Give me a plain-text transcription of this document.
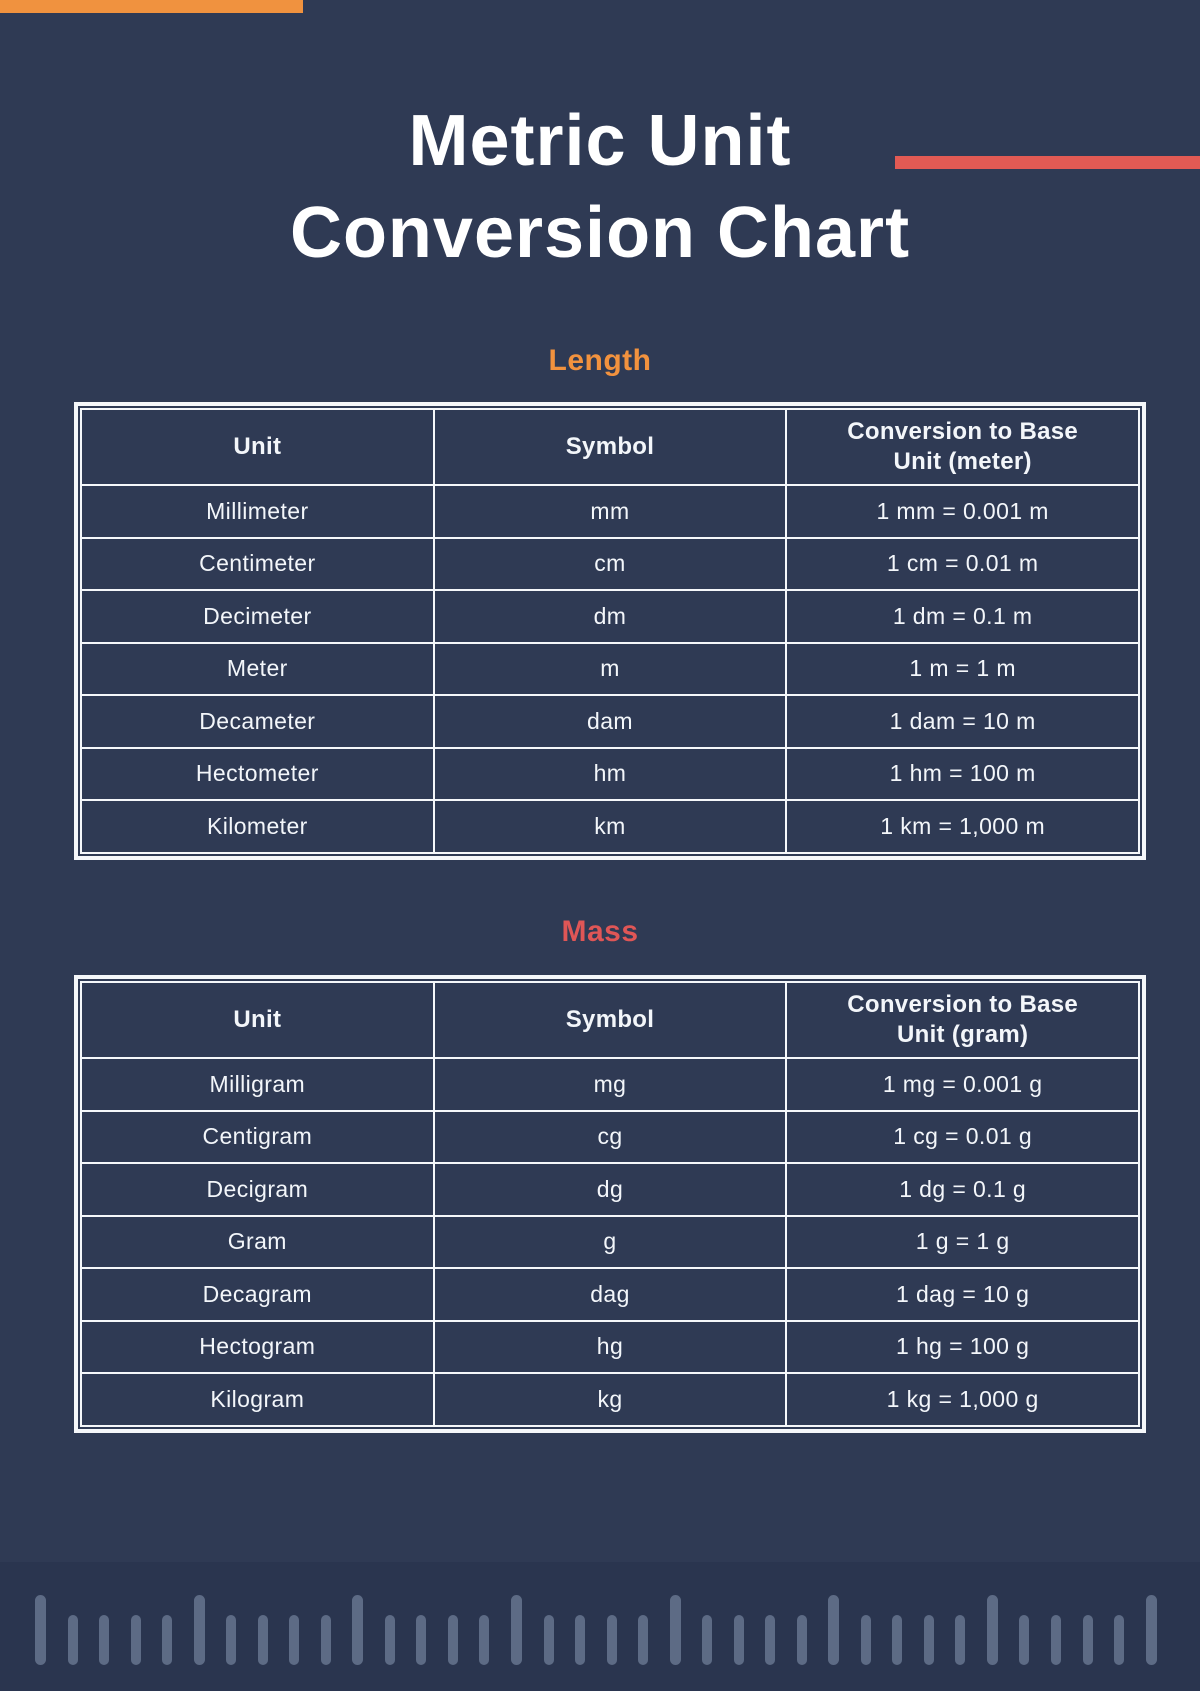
Metric Unit
Conversion Chart
Length
Unit	Symbol	Conversion to Base Unit (meter)
Millimeter	mm	1 mm = 0.001 m
Centimeter	cm	1 cm = 0.01 m
Decimeter	dm	1 dm = 0.1 m
Meter	m	1 m = 1 m
Decameter	dam	1 dam = 10 m
Hectometer	hm	1 hm = 100 m
Kilometer	km	1 km = 1,000 m
Mass
Unit	Symbol	Conversion to Base Unit (gram)
Milligram	mg	1 mg = 0.001 g
Centigram	cg	1 cg = 0.01 g
Decigram	dg	1 dg = 0.1 g
Gram	g	1 g = 1 g
Decagram	dag	1 dag = 10 g
Hectogram	hg	1 hg = 100 g
Kilogram	kg	1 kg = 1,000 g
